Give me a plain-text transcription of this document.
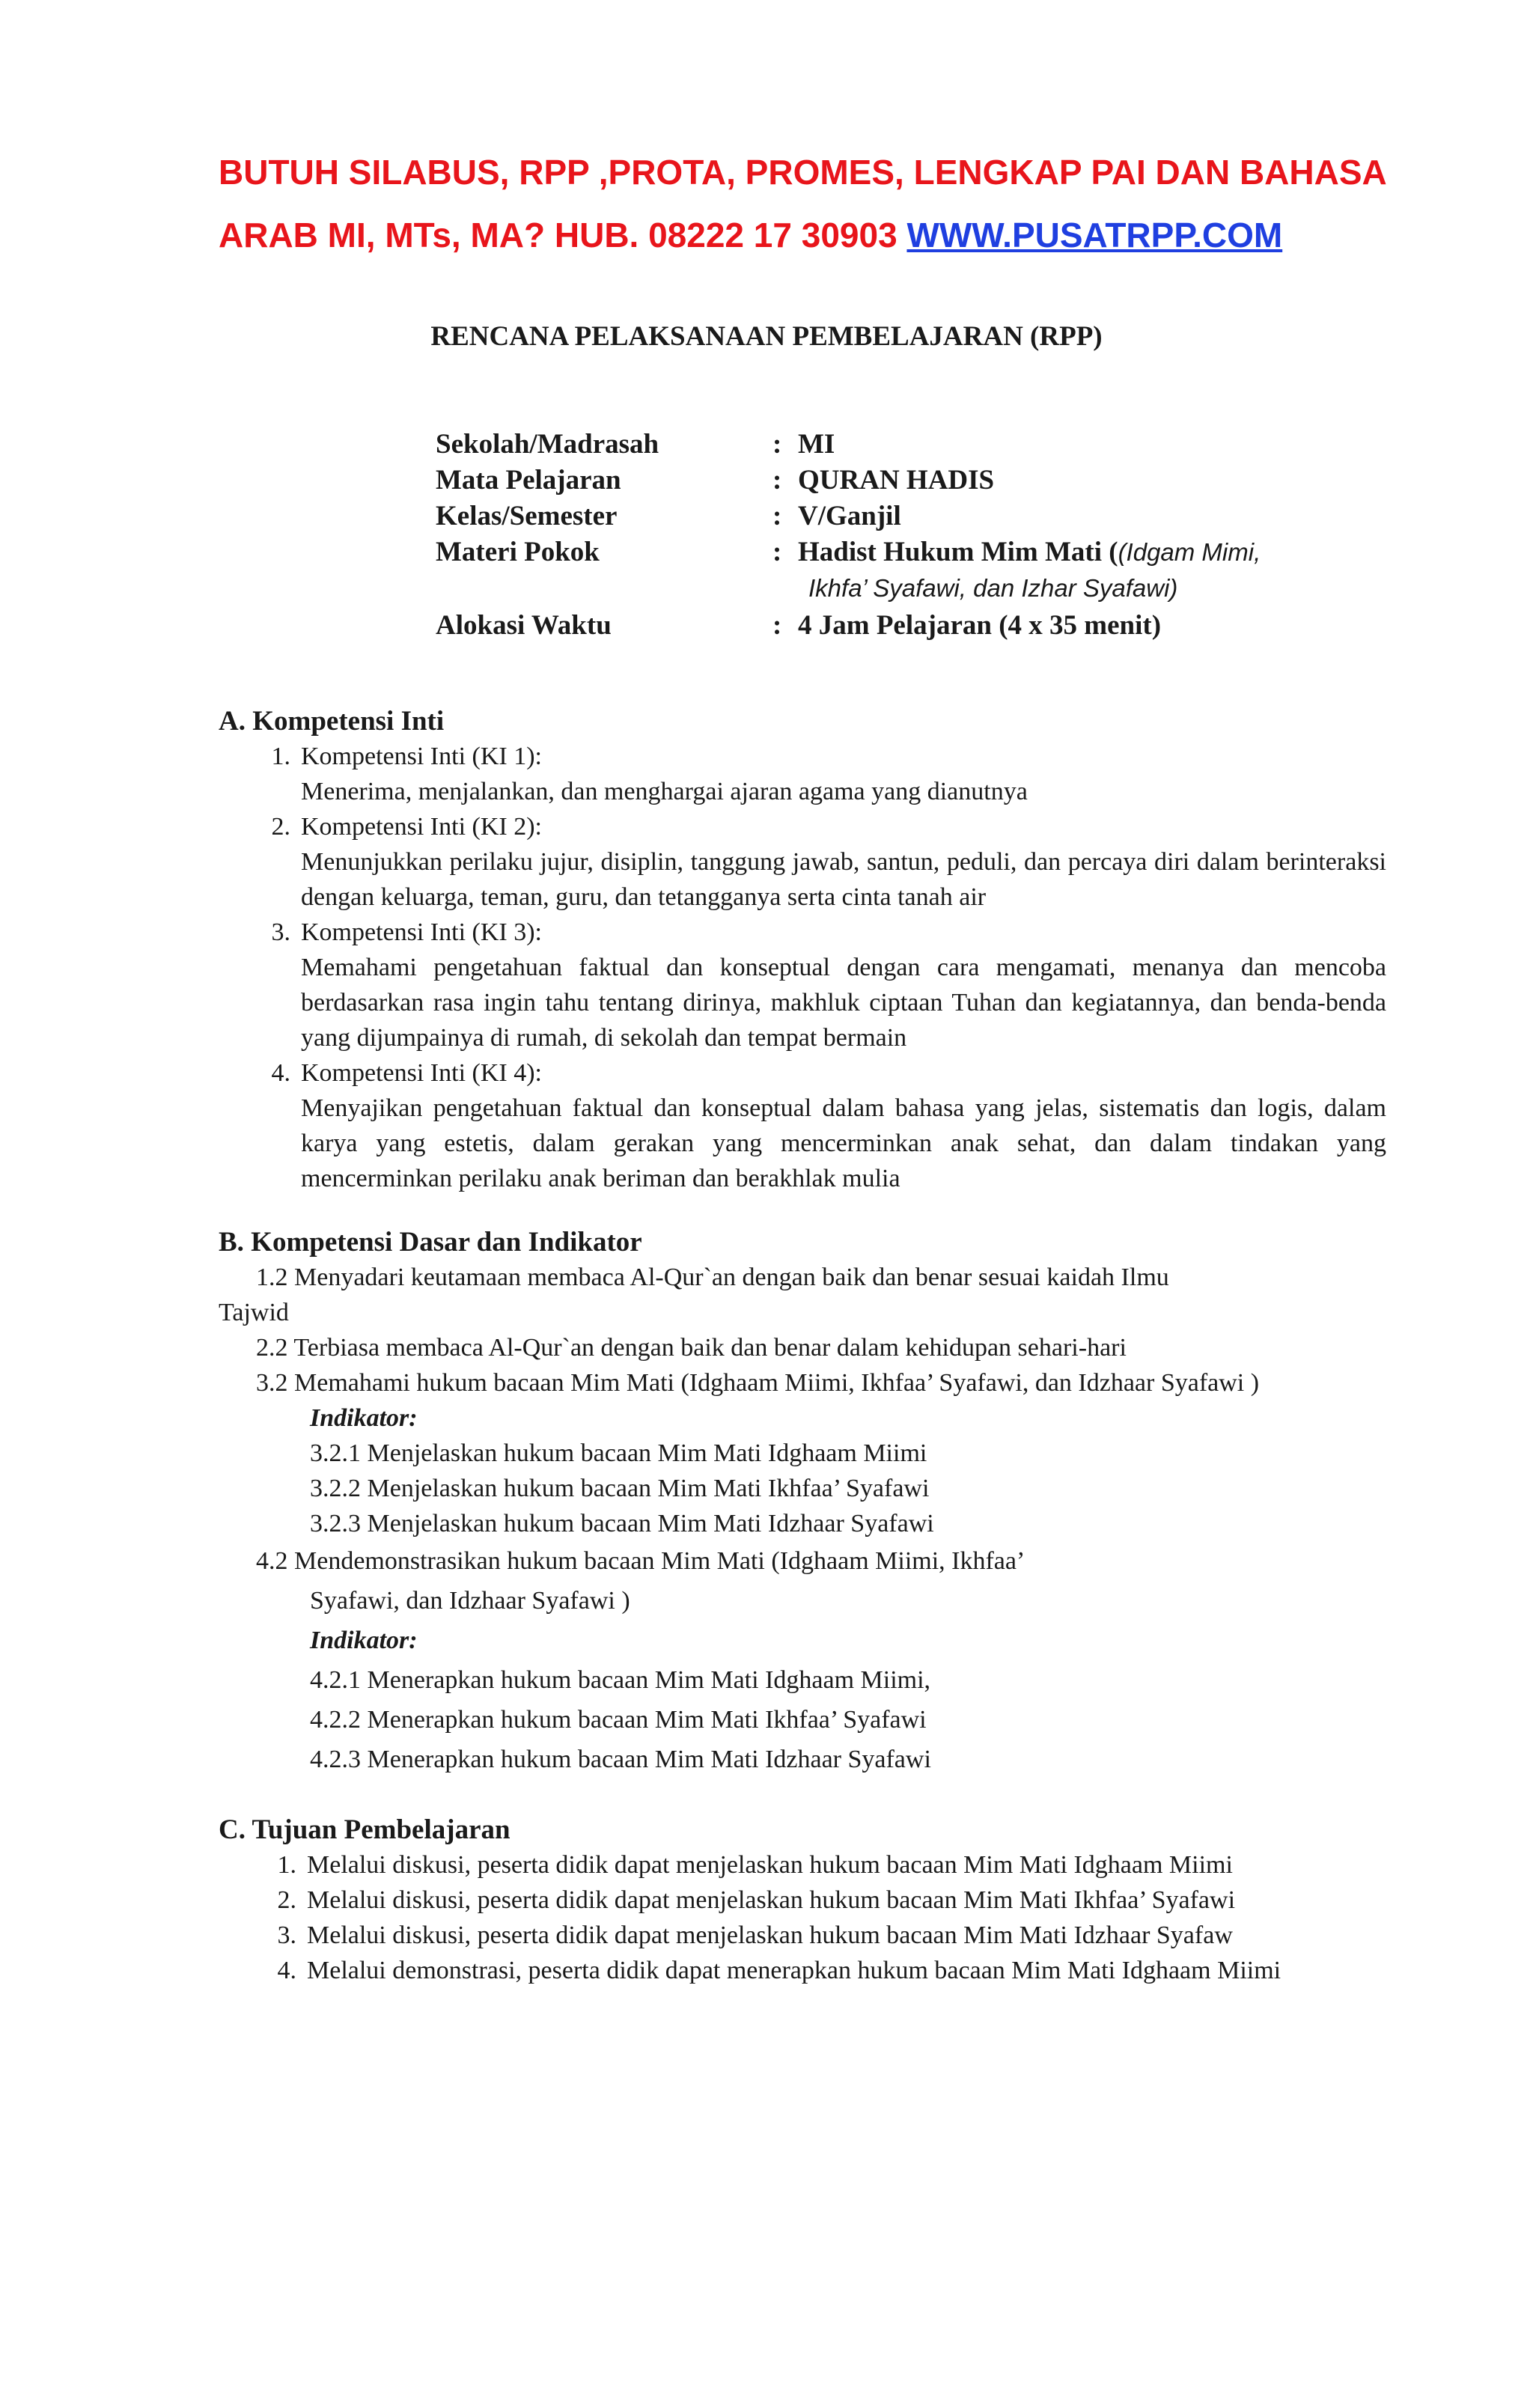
BUTUH SILABUS, RPP ,PROTA, PROMES, LENGKAP PAI DAN BAHASA
ARAB MI, MTs, MA? HUB. 08222 17 30903 WWW.PUSATRPP.COM
RENCANA PELAKSANAAN PEMBELAJARAN (RPP)
Sekolah/Madrasah	: MI
Mata Pelajaran	: QURAN HADIS
Kelas/Semester	: V/Ganjil
Materi Pokok	: Hadist Hukum Mim Mati ((Idgam Mimi,
Ikhfa’ Syafawi, dan Izhar Syafawi)
Alokasi Waktu	: 4 Jam Pelajaran (4 x 35 menit)
A. Kompetensi Inti
1. Kompetensi Inti (KI 1):
Menerima, menjalankan, dan menghargai ajaran agama yang dianutnya
2. Kompetensi Inti (KI 2):
Menunjukkan perilaku jujur, disiplin, tanggung jawab, santun, peduli, dan percaya diri dalam berinteraksi dengan keluarga, teman, guru, dan tetangganya serta cinta tanah air
3. Kompetensi Inti (KI 3):
Memahami pengetahuan faktual dan konseptual dengan cara mengamati, menanya dan mencoba berdasarkan rasa ingin tahu tentang dirinya, makhluk ciptaan Tuhan dan kegiatannya, dan benda-benda yang dijumpainya di rumah, di sekolah dan tempat bermain
4. Kompetensi Inti (KI 4):
Menyajikan pengetahuan faktual dan konseptual dalam bahasa yang jelas, sistematis dan logis, dalam karya yang estetis, dalam gerakan yang mencerminkan anak sehat, dan dalam tindakan yang mencerminkan perilaku anak beriman dan berakhlak mulia
B. Kompetensi Dasar dan Indikator
1.2 Menyadari keutamaan membaca Al-Qur`an dengan baik dan benar sesuai kaidah Ilmu
Tajwid
2.2 Terbiasa membaca Al-Qur`an dengan baik dan benar dalam kehidupan sehari-hari
3.2 Memahami hukum bacaan Mim Mati (Idghaam Miimi, Ikhfaa’ Syafawi, dan Idzhaar Syafawi )
Indikator:
3.2.1 Menjelaskan hukum bacaan Mim Mati Idghaam Miimi
3.2.2 Menjelaskan hukum bacaan Mim Mati Ikhfaa’ Syafawi
3.2.3 Menjelaskan hukum bacaan Mim Mati Idzhaar Syafawi
4.2 Mendemonstrasikan hukum bacaan Mim Mati (Idghaam Miimi, Ikhfaa’
Syafawi, dan Idzhaar Syafawi )
Indikator:
4.2.1 Menerapkan hukum bacaan Mim Mati Idghaam Miimi,
4.2.2 Menerapkan hukum bacaan Mim Mati Ikhfaa’ Syafawi
4.2.3 Menerapkan hukum bacaan Mim Mati Idzhaar Syafawi
C. Tujuan Pembelajaran
1. Melalui diskusi, peserta didik dapat menjelaskan hukum bacaan Mim Mati Idghaam Miimi
2. Melalui diskusi, peserta didik dapat menjelaskan hukum bacaan Mim Mati Ikhfaa’ Syafawi
3. Melalui diskusi, peserta didik dapat menjelaskan hukum bacaan Mim Mati Idzhaar Syafaw
4. Melalui demonstrasi, peserta didik dapat menerapkan hukum bacaan Mim Mati Idghaam Miimi
